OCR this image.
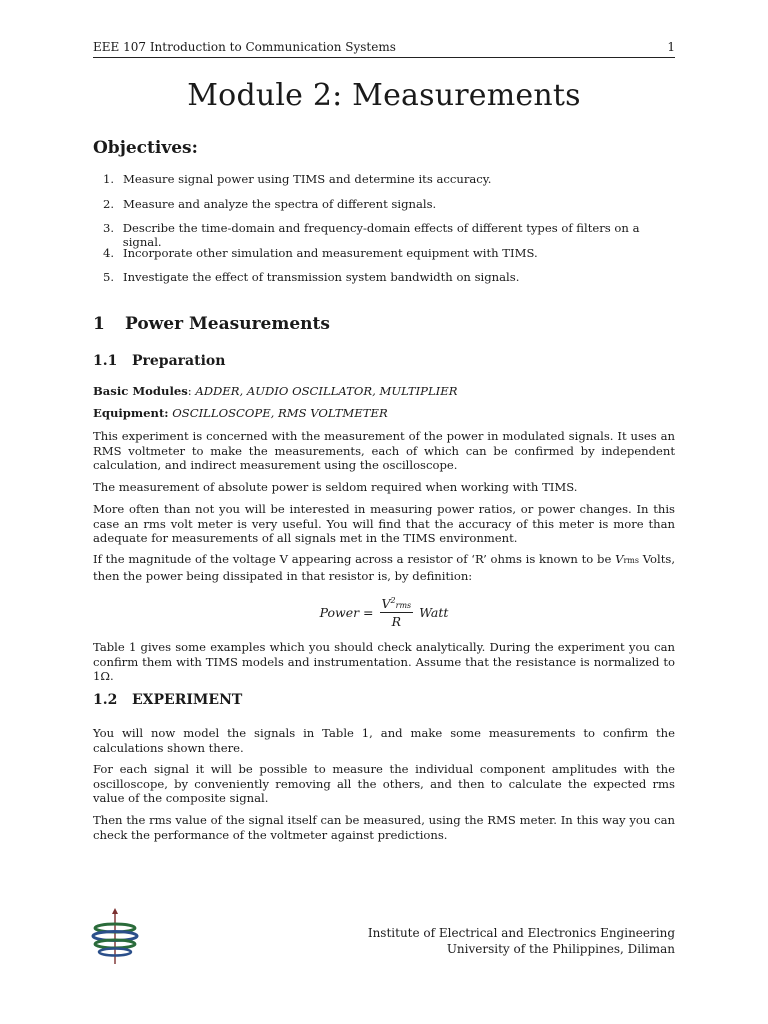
EEE 107 Introduction to Communication Systems	1
Module 2: Measurements
Objectives:
1. Measure signal power using TIMS and determine its accuracy.
2. Measure and analyze the spectra of different signals.
3. Describe the time-domain and frequency-domain effects of different types of filters on a signal.
4. Incorporate other simulation and measurement equipment with TIMS.
5. Investigate the effect of transmission system bandwidth on signals.
1 Power Measurements
1.1 Preparation
Basic Modules: ADDER, AUDIO OSCILLATOR, MULTIPLIER
Equipment: OSCILLOSCOPE, RMS VOLTMETER

This experiment is concerned with the measurement of the power in modulated signals. It uses an RMS voltmeter to make the measurements, each of which can be confirmed by independent calculation, and indirect measurement using the oscilloscope.

The measurement of absolute power is seldom required when working with TIMS.

More often than not you will be interested in measuring power ratios, or power changes. In this case an rms volt meter is very useful. You will find that the accuracy of this meter is more than adequate for measurements of all signals met in the TIMS environment.

If the magnitude of the voltage V appearing across a resistor of ‘R’ ohms is known to be Vrms Volts, then the power being dissipated in that resistor is, by definition:

Power = $\frac{V^2rms}{R}$ Watt

Table 1 gives some examples which you should check analytically. During the experiment you can confirm them with TIMS models and instrumentation. Assume that the resistance is normalized to 1Ω.

1.2 EXPERIMENT

You will now model the signals in Table 1, and make some measurements to confirm the calculations shown there.

For each signal it will be possible to measure the individual component amplitudes with the oscilloscope, by conveniently removing all the others, and then to calculate the expected rms value of the composite signal.

Then the rms value of the signal itself can be measured, using the RMS meter. In this way you can check the performance of the voltmeter against predictions.

Institute of Electrical and Electronics Engineering
University of the Philippines, Diliman
